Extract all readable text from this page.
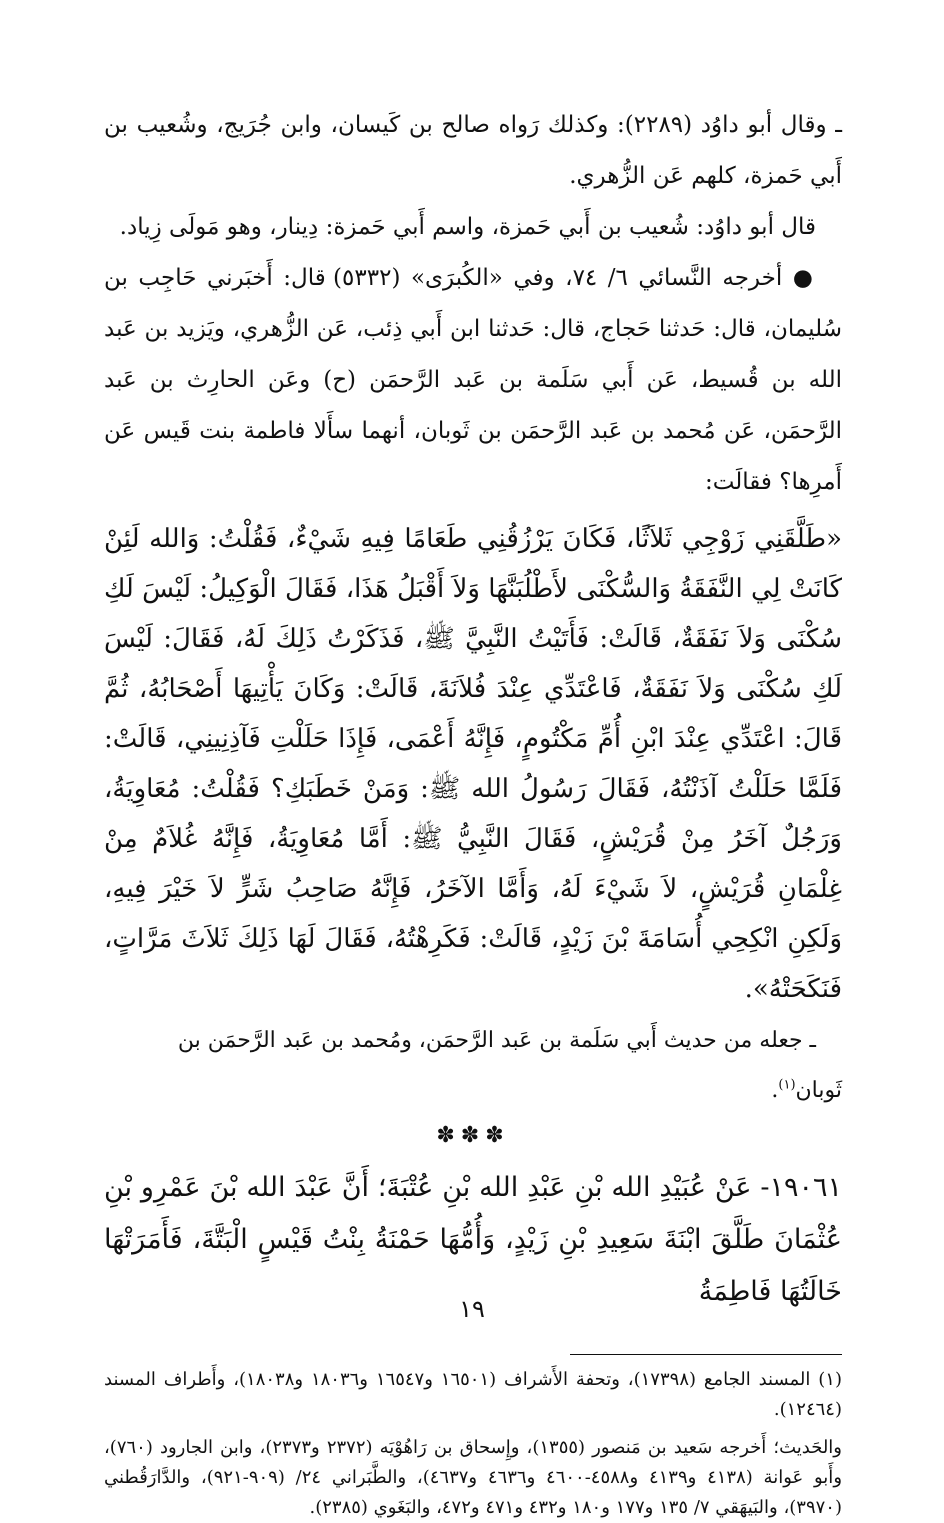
ـ وقال أبو داوُد (٢٢٨٩): وكذلك رَواه صالح بن كَيسان، وابن جُرَيج، وشُعيب بن أَبي حَمزة، كلهم عَن الزُّهري.

قال أبو داوُد: شُعيب بن أَبي حَمزة، واسم أَبي حَمزة: دِينار، وهو مَولَى زِياد.

● أخرجه النَّسائي ٦/ ٧٤، وفي «الكُبرَى» (٥٣٣٢) قال: أَخبَرني حَاجِب بن سُليمان، قال: حَدثنا حَجاج، قال: حَدثنا ابن أَبي ذِئب، عَن الزُّهري، ويَزيد بن عَبد الله بن قُسيط، عَن أَبي سَلَمة بن عَبد الرَّحمَن (ح) وعَن الحارِث بن عَبد الرَّحمَن، عَن مُحمد بن عَبد الرَّحمَن بن ثَوبان، أنهما سأَلا فاطمة بنت قَيس عَن أَمرِها؟ فقالَت:

«طَلَّقَنِي زَوْجِي ثَلاَثًا، فَكَانَ يَرْزُقُنِي طَعَامًا فِيهِ شَيْءٌ، فَقُلْتُ: وَالله لَئِنْ كَانَتْ لِي النَّفَقَةُ وَالسُّكْنَى لأَطْلُبَنَّهَا وَلاَ أَقْبَلُ هَذَا، فَقَالَ الْوَكِيلُ: لَيْسَ لَكِ سُكْنَى وَلاَ نَفَقَةٌ، قَالَتْ: فَأَتَيْتُ النَّبِيَّ ﷺ، فَذَكَرْتُ ذَلِكَ لَهُ، فَقَالَ: لَيْسَ لَكِ سُكْنَى وَلاَ نَفَقَةٌ، فَاعْتَدِّي عِنْدَ فُلاَنَةَ، قَالَتْ: وَكَانَ يَأْتِيهَا أَصْحَابُهُ، ثُمَّ قَالَ: اعْتَدِّي عِنْدَ ابْنِ أُمِّ مَكْتُومٍ، فَإِنَّهُ أَعْمَى، فَإِذَا حَلَلْتِ فَآذِنِينِي، قَالَتْ: فَلَمَّا حَلَلْتُ آذَنْتُهُ، فَقَالَ رَسُولُ الله ﷺ: وَمَنْ خَطَبَكِ؟ فَقُلْتُ: مُعَاوِيَةُ، وَرَجُلٌ آخَرُ مِنْ قُرَيْشٍ، فَقَالَ النَّبِيُّ ﷺ: أَمَّا مُعَاوِيَةُ، فَإِنَّهُ غُلاَمٌ مِنْ غِلْمَانِ قُرَيْشٍ، لاَ شَيْءَ لَهُ، وَأَمَّا الآخَرُ، فَإِنَّهُ صَاحِبُ شَرٍّ لاَ خَيْرَ فِيهِ، وَلَكِنِ انْكِحِي أُسَامَةَ بْنَ زَيْدٍ، قَالَتْ: فَكَرِهْتُهُ، فَقَالَ لَهَا ذَلِكَ ثَلاَثَ مَرَّاتٍ، فَنَكَحَتْهُ».

ـ جعله من حديث أَبي سَلَمة بن عَبد الرَّحمَن، ومُحمد بن عَبد الرَّحمَن بن ثَوبان$^{(١)}$.

✽✽✽

١٩٠٦١- عَنْ عُبَيْدِ الله بْنِ عَبْدِ الله بْنِ عُتْبَةَ؛ أَنَّ عَبْدَ الله بْنَ عَمْرِو بْنِ عُثْمَانَ طَلَّقَ ابْنَةَ سَعِيدِ بْنِ زَيْدٍ، وَأُمُّهَا حَمْنَةُ بِنْتُ قَيْسٍ الْبَتَّةَ، فَأَمَرَتْهَا خَالَتُهَا فَاطِمَةُ

(١) المسند الجامع (١٧٣٩٨)، وتحفة الأَشراف (١٦٥٠١ و١٦٥٤٧ و١٨٠٣٦ و١٨٠٣٨)، وأَطراف المسند (١٢٤٦٤).

والحَديث؛ أَخرجه سَعيد بن مَنصور (١٣٥٥)، وإِسحاق بن رَاهُوْيَه (٢٣٧٢ و٢٣٧٣)، وابن الجارود (٧٦٠)، وأَبو عَوانة (٤١٣٨ و٤١٣٩ و٤٥٨٨-٤٦٠٠ و٤٦٣٦ و٤٦٣٧)، والطَّبَراني ٢٤/ (٩٠٩-٩٢١)، والدَّارَقُطني (٣٩٧٠)، والبَيهَقي ٧/ ١٣٥ و١٧٧ و١٨٠ و٤٣٢ و٤٧١ و٤٧٢، والبَغَوي (٢٣٨٥).

١٩
